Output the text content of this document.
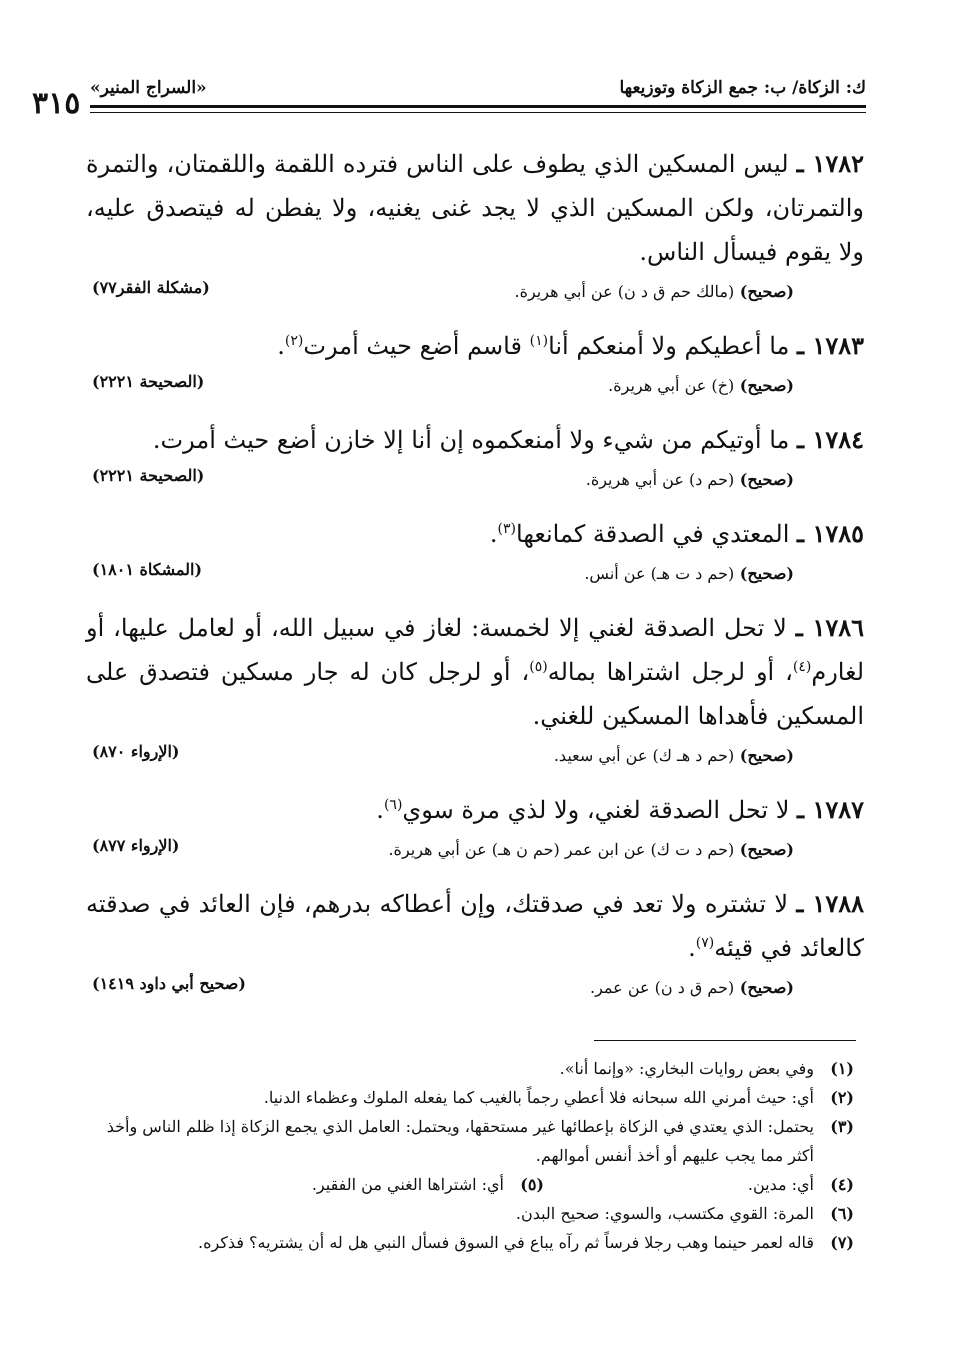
٣١٥ «السراج المنير»	ك: الزكاة/ ب: جمع الزكاة وتوزيعها

١٧٨٢ ـ ليس المسكين الذي يطوف على الناس فترده اللقمة واللقمتان، والتمرة والتمرتان، ولكن المسكين الذي لا يجد غنى يغنيه، ولا يفطن له فيتصدق عليه، ولا يقوم فيسأل الناس.

(صحيح) (مالك حم ق د ن) عن أبي هريرة.
(مشكلة الفقر٧٧)

١٧٨٣ ـ ما أعطيكم ولا أمنعكم أنا$^{(١)}$ قاسم أضع حيث أمرت$^{(٢)}$.

(صحيح) (خ) عن أبي هريرة.
(الصحيحة ٢٢٢١)

١٧٨٤ ـ ما أوتيكم من شيء ولا أمنعكموه إن أنا إلا خازن أضع حيث أمرت.

(صحيح) (حم د) عن أبي هريرة.
(الصحيحة ٢٢٢١)

١٧٨٥ ـ المعتدي في الصدقة كمانعها$^{(٣)}$.

(صحيح) (حم د ت هـ) عن أنس.
(المشكاة ١٨٠١)

١٧٨٦ ـ لا تحل الصدقة لغني إلا لخمسة: لغاز في سبيل الله، أو لعامل عليها، أو لغارم$^{(٤)}$، أو لرجل اشتراها بماله$^{(٥)}$، أو لرجل كان له جار مسكين فتصدق على المسكين فأهداها المسكين للغني.

(صحيح) (حم د هـ ك) عن أبي سعيد.
(الإرواء ٨٧٠)

١٧٨٧ ـ لا تحل الصدقة لغني، ولا لذي مرة سوي$^{(٦)}$.

(صحيح) (حم د ت ك) عن ابن عمر (حم ن هـ) عن أبي هريرة.
(الإرواء ٨٧٧)

١٧٨٨ ـ لا تشتره ولا تعد في صدقتك، وإن أعطاكه بدرهم، فإن العائد في صدقته كالعائد في قيئه$^{(٧)}$.

(صحيح) (حم ق د ن) عن عمر.
(صحيح أبي داود ١٤١٩)
(١)
وفي بعض روايات البخاري: «وإنما أنا».
(٢)
أي: حيث أمرني الله سبحانه فلا أعطي رجماً بالغيب كما يفعله الملوك وعظماء الدنيا.
(٣)
يحتمل: الذي يعتدي في الزكاة بإعطائها غير مستحقها، ويحتمل: العامل الذي يجمع الزكاة إذا ظلم الناس وأخذ أكثر مما يجب عليهم أو أخذ أنفس أموالهم.
(٤)
أي: مدين.
(٥)
أي: اشتراها الغني من الفقير.
(٦)
المرة: القوي مكتسب، والسوي: صحيح البدن.
(٧)
قاله لعمر حينما وهب رجلا فرساً ثم رآه يباع في السوق فسأل النبي هل له أن يشتريه؟ فذكره.
